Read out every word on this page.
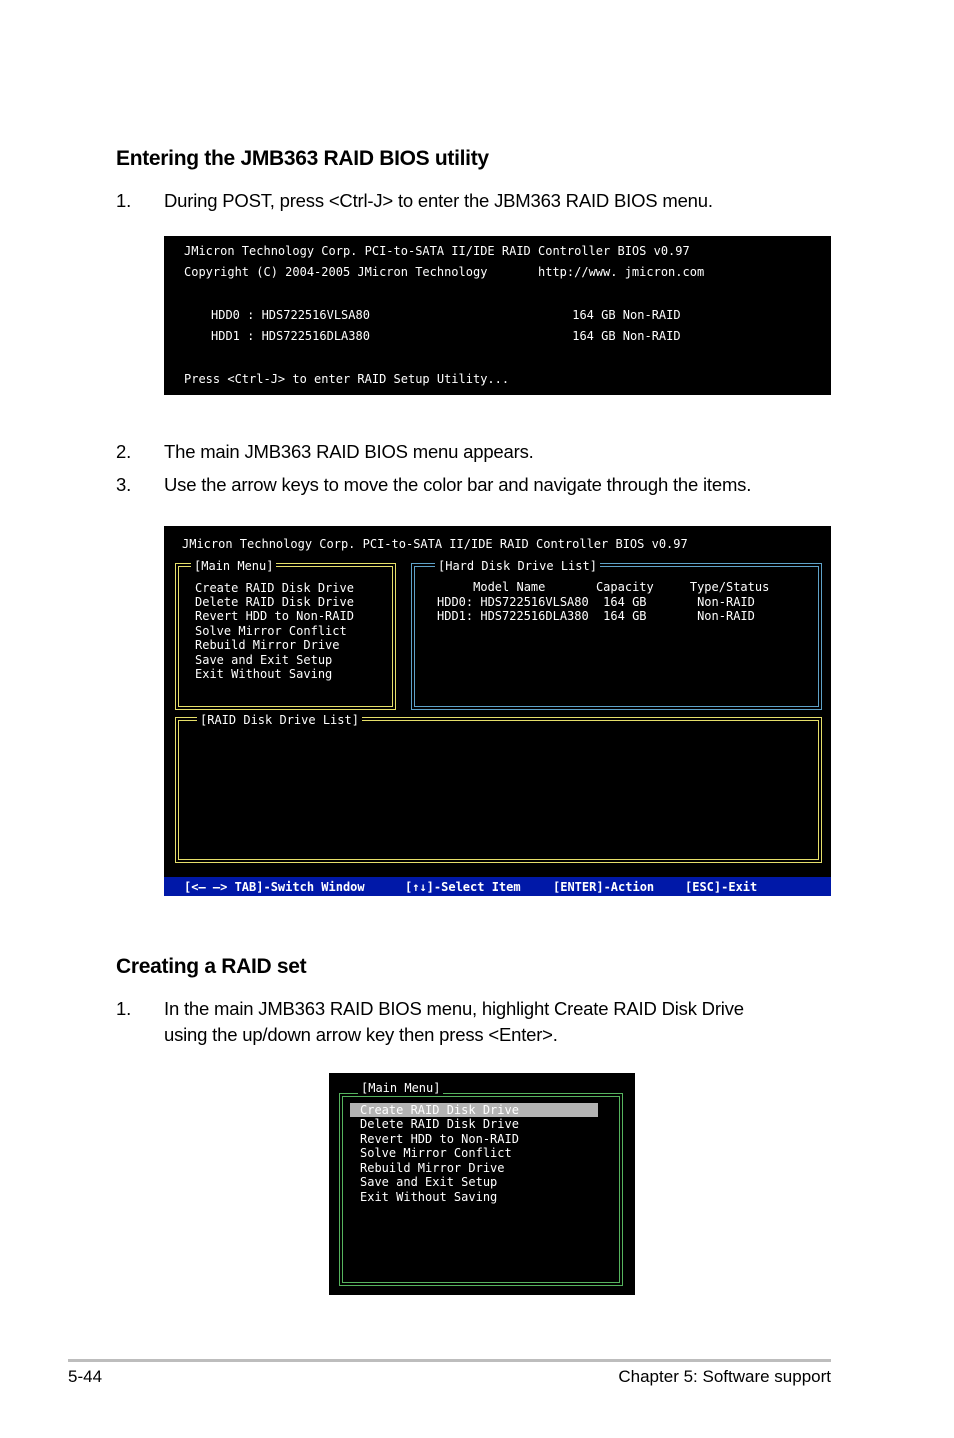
Entering the JMB363 RAID BIOS utility
1. During POST, press <Ctrl-J> to enter the JBM363 RAID BIOS menu.
JMicron Technology Corp. PCI-to-SATA II/IDE RAID Controller BIOS v0.97
Copyright (C) 2004-2005 JMicron Technology       http://www. jmicron.com
HDD0 : HDS722516VLSA80                            164 GB Non-RAID
HDD1 : HDS722516DLA380                            164 GB Non-RAID
Press <Ctrl-J> to enter RAID Setup Utility...
2. The main JMB363 RAID BIOS menu appears.
3. Use the arrow keys to move the color bar and navigate through the items.
JMicron Technology Corp. PCI-to-SATA II/IDE RAID Controller BIOS v0.97
[Main Menu]
Create RAID Disk Drive
Delete RAID Disk Drive
Revert HDD to Non-RAID
Solve Mirror Conflict
Rebuild Mirror Drive
Save and Exit Setup
Exit Without Saving
[Hard Disk Drive List]
Model Name       Capacity     Type/Status
HDD0: HDS722516VLSA80  164 GB       Non-RAID
HDD1: HDS722516DLA380  164 GB       Non-RAID
[RAID Disk Drive List]
[<— —> TAB]-Switch Window	[↑↓]-Select Item	[ENTER]-Action	[ESC]-Exit
Creating a RAID set
1. In the main JMB363 RAID BIOS menu, highlight Create RAID Disk Drive
using the up/down arrow key then press <Enter>.
[Main Menu]
Create RAID Disk Drive
Delete RAID Disk Drive
Revert HDD to Non-RAID
Solve Mirror Conflict
Rebuild Mirror Drive
Save and Exit Setup
Exit Without Saving
5-44	Chapter 5: Software support
